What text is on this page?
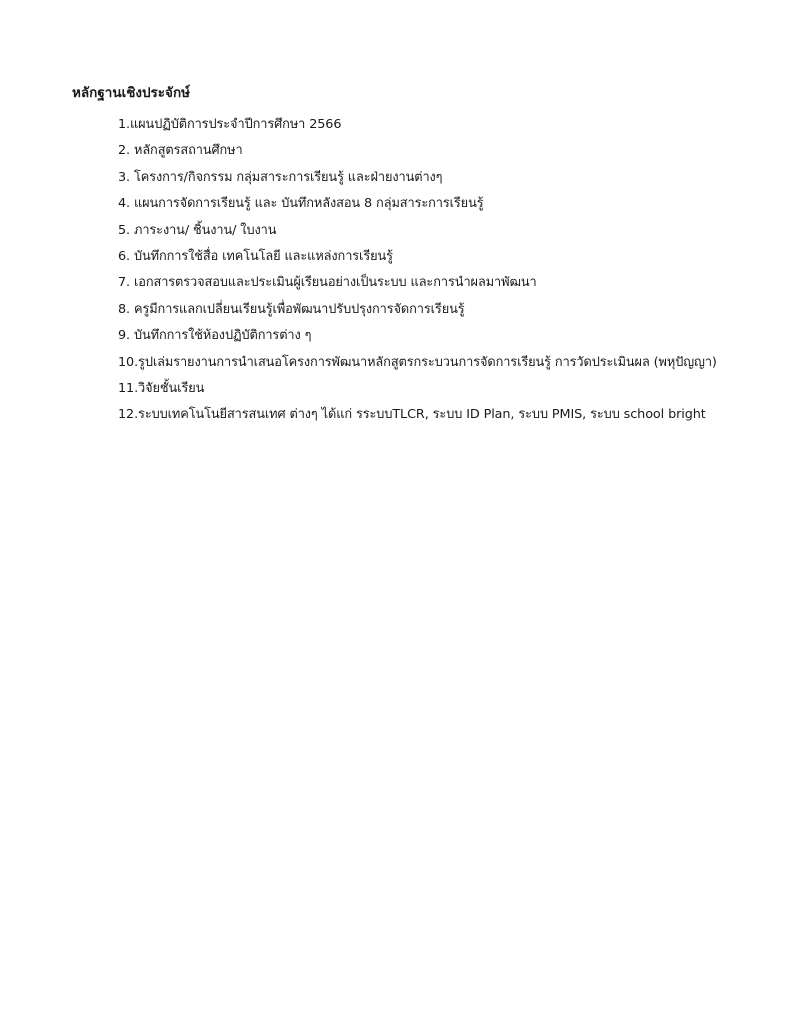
หลักฐานเชิงประจักษ์
1.แผนปฏิบัติการประจำปีการศึกษา 2566
2. หลักสูตรสถานศึกษา
3. โครงการ/กิจกรรม กลุ่มสาระการเรียนรู้ และฝ่ายงานต่างๆ
4. แผนการจัดการเรียนรู้ และ บันทึกหลังสอน 8 กลุ่มสาระการเรียนรู้
5. ภาระงาน/ ชิ้นงาน/ ใบงาน
6. บันทึกการใช้สื่อ เทคโนโลยี และแหล่งการเรียนรู้
7. เอกสารตรวจสอบและประเมินผู้เรียนอย่างเป็นระบบ และการนำผลมาพัฒนา
8. ครูมีการแลกเปลี่ยนเรียนรู้เพื่อพัฒนาปรับปรุงการจัดการเรียนรู้
9. บันทึกการใช้ห้องปฏิบัติการต่าง ๆ
10.รูปเล่มรายงานการนำเสนอโครงการพัฒนาหลักสูตรกระบวนการจัดการเรียนรู้ การวัดประเมินผล (พหุปัญญา)
11.วิจัยชั้นเรียน
12.ระบบเทคโนโนยีสารสนเทศ ต่างๆ ได้แก่ รระบบTLCR, ระบบ ID Plan, ระบบ PMIS, ระบบ school bright
